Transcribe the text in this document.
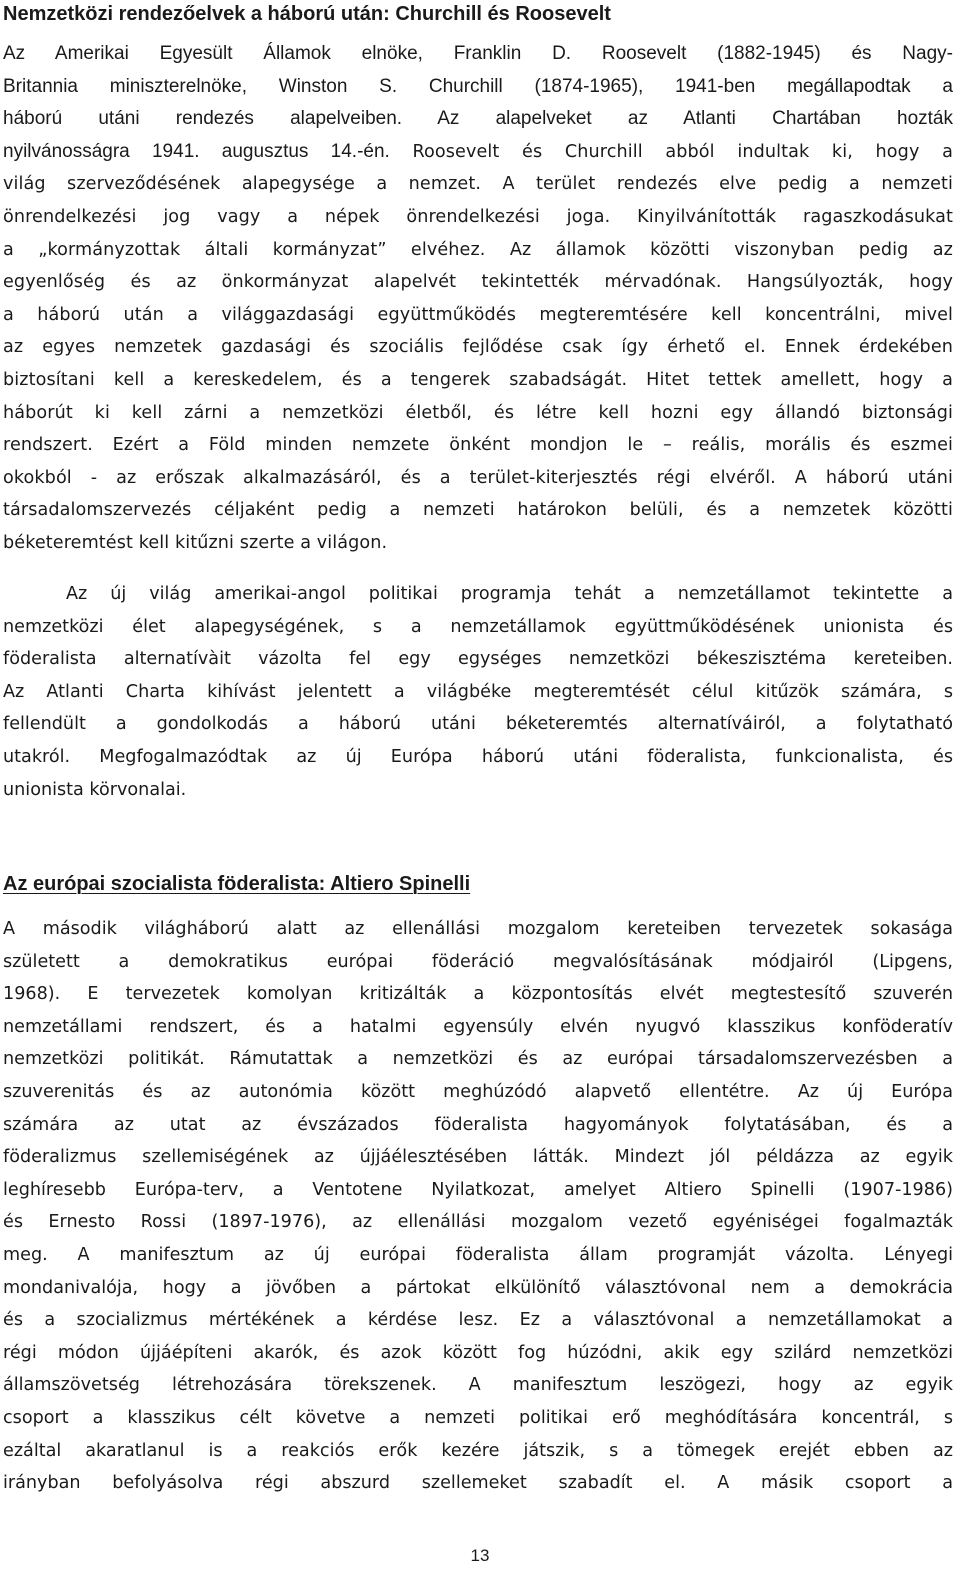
Nemzetközi rendezőelvek a háború után: Churchill és Roosevelt
Az Amerikai Egyesült Államok elnöke, Franklin D. Roosevelt (1882-1945) és Nagy-
Britannia miniszterelnöke, Winston S. Churchill (1874-1965), 1941-ben megállapodtak a
háború utáni rendezés alapelveiben. Az alapelveket az Atlanti Chartában hozták
nyilvánosságra 1941. augusztus 14.-én. Roosevelt és Churchill abból indultak ki, hogy a
világ szerveződésének alapegysége a nemzet. A terület rendezés elve pedig a nemzeti
önrendelkezési jog vagy a népek önrendelkezési joga. Kinyilvánították ragaszkodásukat
a „kormányzottak általi kormányzat” elvéhez. Az államok közötti viszonyban pedig az
egyenlőség és az önkormányzat alapelvét tekintették mérvadónak. Hangsúlyozták, hogy
a háború után a világgazdasági együttműködés megteremtésére kell koncentrálni, mivel
az egyes nemzetek gazdasági és szociális fejlődése csak így érhető el. Ennek érdekében
biztosítani kell a kereskedelem, és a tengerek szabadságát. Hitet tettek amellett, hogy a
háborút ki kell zárni a nemzetközi életből, és létre kell hozni egy állandó biztonsági
rendszert. Ezért a Föld minden nemzete önként mondjon le – reális, morális és eszmei
okokból - az erőszak alkalmazásáról, és a terület-kiterjesztés régi elvéről. A háború utáni
társadalomszervezés céljaként pedig a nemzeti határokon belüli, és a nemzetek közötti
béketeremtést kell kitűzni szerte a világon.
Az új világ amerikai-angol politikai programja tehát a nemzetállamot tekintette a
nemzetközi élet alapegységének, s a nemzetállamok együttműködésének unionista és
föderalista alternatívàit vázolta fel egy egységes nemzetközi békeszisztéma kereteiben.
Az Atlanti Charta kihívást jelentett a világbéke megteremtését célul kitűzök számára, s
fellendült a gondolkodás a háború utáni béketeremtés alternatíváiról, a folytatható
utakról. Megfogalmazódtak az új Európa háború utáni föderalista, funkcionalista, és
unionista körvonalai.
Az európai szocialista föderalista: Altiero Spinelli
A második világháború alatt az ellenállási mozgalom kereteiben tervezetek sokasága
született a demokratikus európai föderáció megvalósításának módjairól (Lipgens,
1968). E tervezetek komolyan kritizálták a központosítás elvét megtestesítő szuverén
nemzetállami rendszert, és a hatalmi egyensúly elvén nyugvó klasszikus konföderatív
nemzetközi politikát. Rámutattak a nemzetközi és az európai társadalomszervezésben a
szuverenitás és az autonómia között meghúzódó alapvető ellentétre. Az új Európa
számára az utat az évszázados föderalista hagyományok folytatásában, és a
föderalizmus szellemiségének az újjáélesztésében látták. Mindezt jól példázza az egyik
leghíresebb Európa-terv, a Ventotene Nyilatkozat, amelyet Altiero Spinelli (1907-1986)
és Ernesto Rossi (1897-1976), az ellenállási mozgalom vezető egyéniségei fogalmazták
meg. A manifesztum az új európai föderalista állam programját vázolta. Lényegi
mondanivalója, hogy a jövőben a pártokat elkülönítő választóvonal nem a demokrácia
és a szocializmus mértékének a kérdése lesz. Ez a választóvonal a nemzetállamokat a
régi módon újjáépíteni akarók, és azok között fog húzódni, akik egy szilárd nemzetközi
államszövetség létrehozására törekszenek. A manifesztum leszögezi, hogy az egyik
csoport a klasszikus célt követve a nemzeti politikai erő meghódítására koncentrál, s
ezáltal akaratlanul is a reakciós erők kezére játszik, s a tömegek erejét ebben az
irányban befolyásolva régi abszurd szellemeket szabadít el. A másik csoport a
13
